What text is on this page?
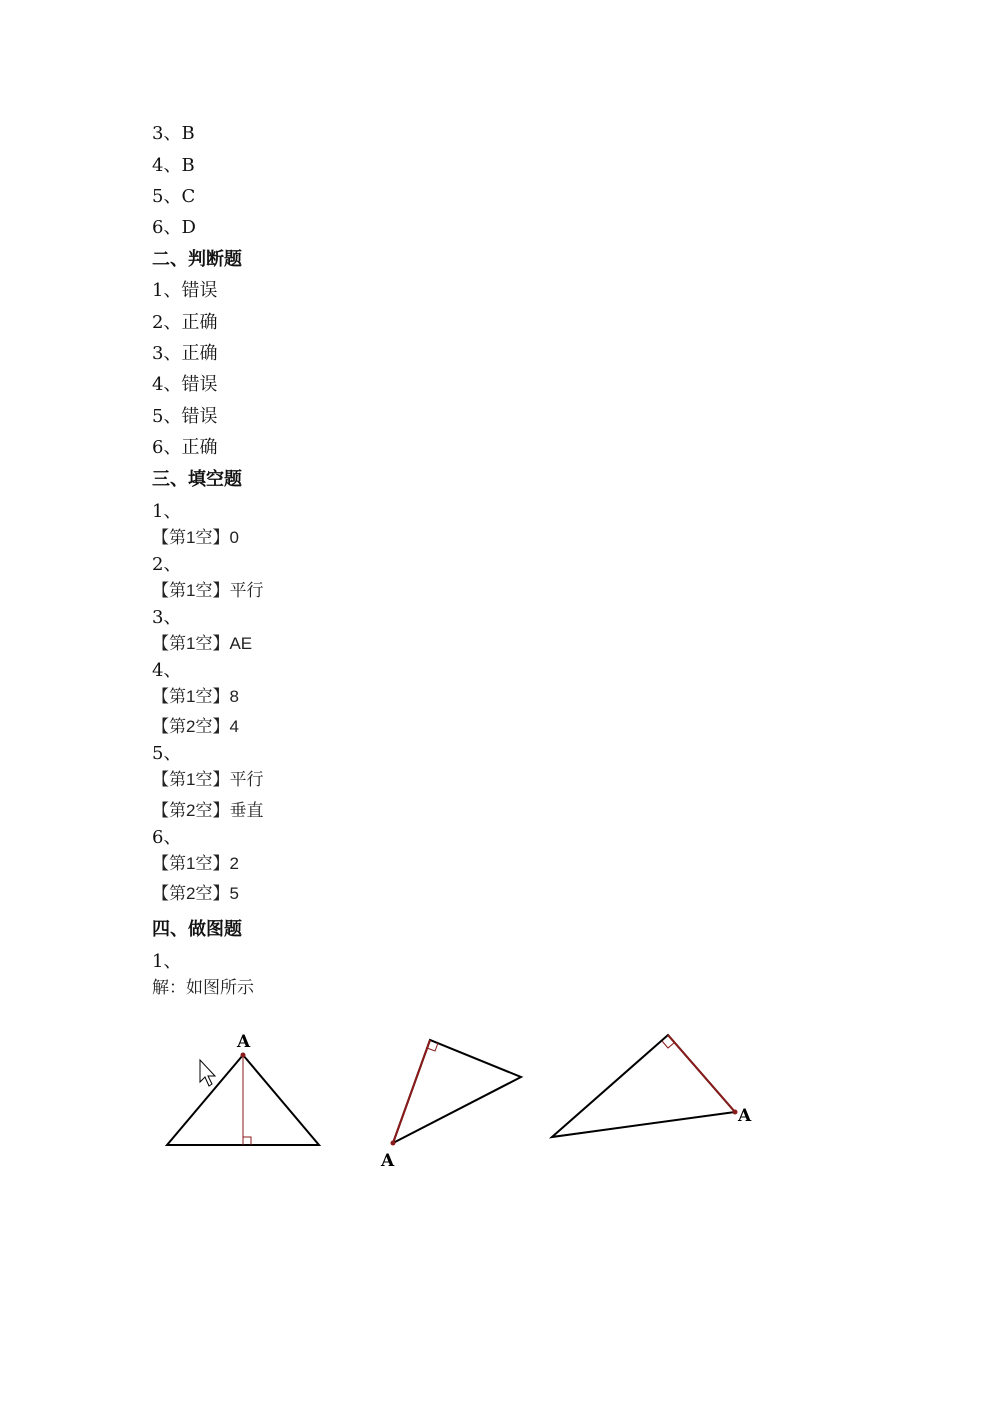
3、B
4、B
5、C
6、D
二、判断题
1、错误
2、正确
3、正确
4、错误
5、错误
6、正确
三、填空题
1、
【第1空】0
2、
【第1空】平行
3、
【第1空】AE
4、
【第1空】8
【第2空】4
5、
【第1空】平行
【第2空】垂直
6、
【第1空】2
【第2空】5
四、做图题
1、
解：如图所示
A
A
A
